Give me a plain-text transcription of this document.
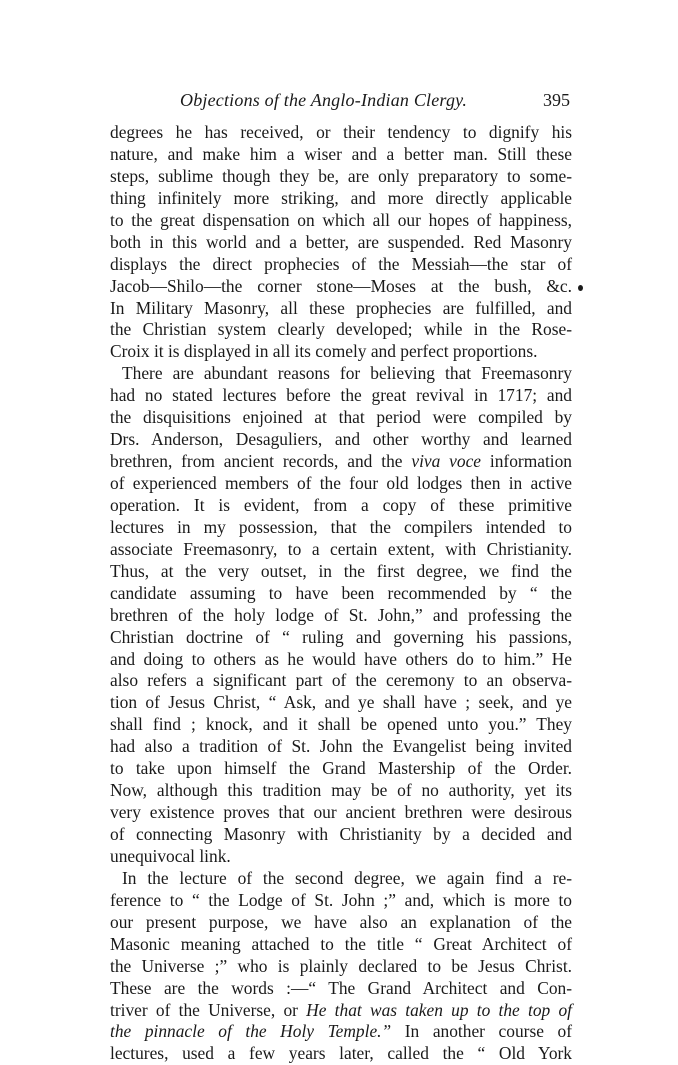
Objections of the Anglo-Indian Clergy.	395
degrees he has received, or their tendency to dignify his
nature, and make him a wiser and a better man. Still these
steps, sublime though they be, are only preparatory to some-
thing infinitely more striking, and more directly applicable
to the great dispensation on which all our hopes of happiness,
both in this world and a better, are suspended. Red Masonry
displays the direct prophecies of the Messiah—the star of
Jacob—Shilo—the corner stone—Moses at the bush, &c.
In Military Masonry, all these prophecies are fulfilled, and
the Christian system clearly developed; while in the Rose-
Croix it is displayed in all its comely and perfect proportions.
There are abundant reasons for believing that Freemasonry
had no stated lectures before the great revival in 1717; and
the disquisitions enjoined at that period were compiled by
Drs. Anderson, Desaguliers, and other worthy and learned
brethren, from ancient records, and the viva voce information
of experienced members of the four old lodges then in active
operation. It is evident, from a copy of these primitive
lectures in my possession, that the compilers intended to
associate Freemasonry, to a certain extent, with Christianity.
Thus, at the very outset, in the first degree, we find the
candidate assuming to have been recommended by “ the
brethren of the holy lodge of St. John,” and professing the
Christian doctrine of “ ruling and governing his passions,
and doing to others as he would have others do to him.” He
also refers a significant part of the ceremony to an observa-
tion of Jesus Christ, “ Ask, and ye shall have ; seek, and ye
shall find ; knock, and it shall be opened unto you.” They
had also a tradition of St. John the Evangelist being invited
to take upon himself the Grand Mastership of the Order.
Now, although this tradition may be of no authority, yet its
very existence proves that our ancient brethren were desirous
of connecting Masonry with Christianity by a decided and
unequivocal link.
In the lecture of the second degree, we again find a re-
ference to “ the Lodge of St. John ;” and, which is more to
our present purpose, we have also an explanation of the
Masonic meaning attached to the title “ Great Architect of
the Universe ;” who is plainly declared to be Jesus Christ.
These are the words :—“ The Grand Architect and Con-
triver of the Universe, or He that was taken up to the top of
the pinnacle of the Holy Temple.” In another course of
lectures, used a few years later, called the “ Old York
